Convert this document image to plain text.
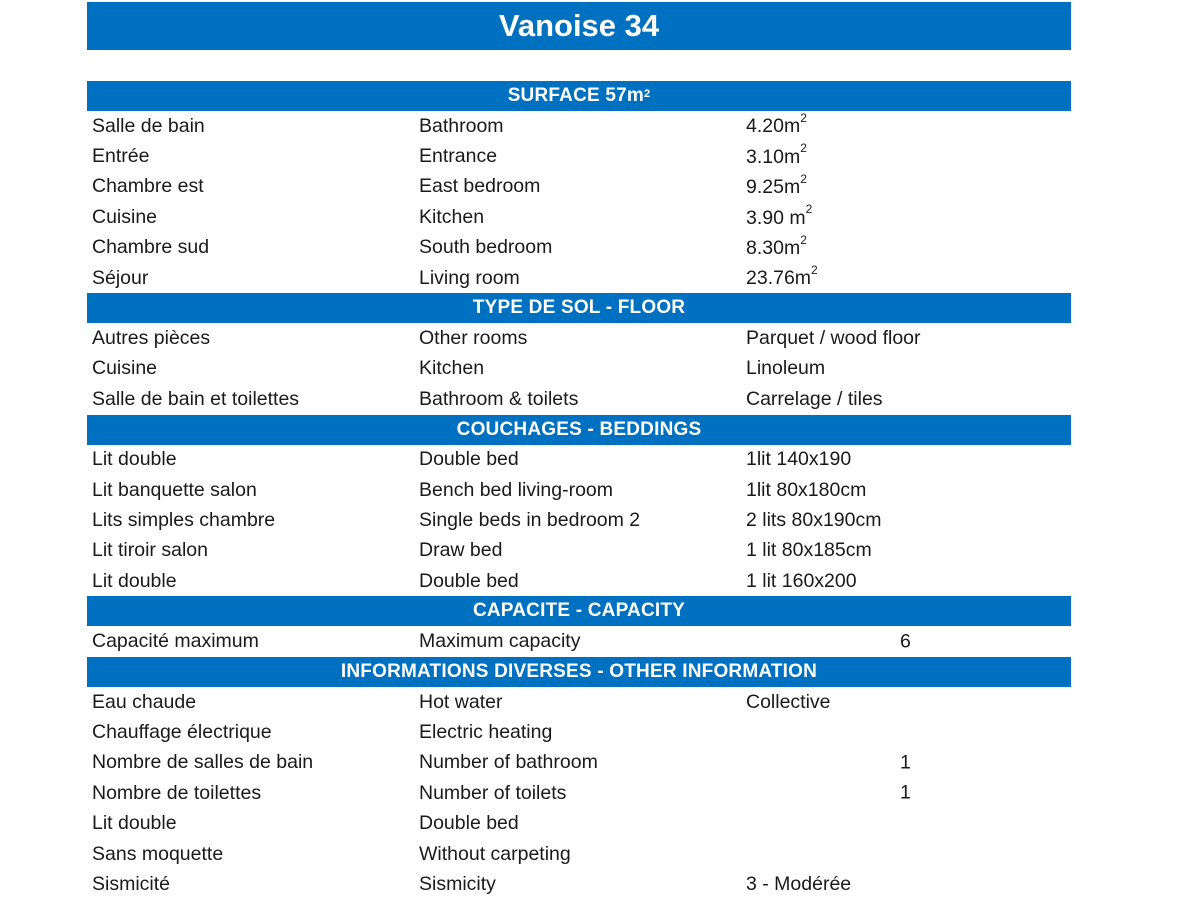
Vanoise 34
SURFACE $57m^2$
Salle de bain	Bathroom	$4.20m^2$
Entrée	Entrance	$3.10m^2$
Chambre est	East bedroom	$9.25m^2$
Cuisine	Kitchen	3.90 $m^2$
Chambre sud	South bedroom	$8.30m^2$
Séjour	Living room	$23.76m^2$
TYPE DE SOL - FLOOR
Autres pièces	Other rooms	Parquet / wood floor
Cuisine	Kitchen	Linoleum
Salle de bain et toilettes	Bathroom & toilets	Carrelage / tiles
COUCHAGES - BEDDINGS
Lit double	Double bed	1lit 140x190
Lit banquette salon	Bench bed living-room	1lit 80x180cm
Lits simples chambre	Single beds in bedroom 2	2 lits 80x190cm
Lit tiroir salon	Draw bed	1 lit 80x185cm
Lit double	Double bed	1 lit 160x200
CAPACITE - CAPACITY
Capacité maximum	Maximum capacity	6
INFORMATIONS DIVERSES - OTHER INFORMATION
Eau chaude	Hot water	Collective
Chauffage électrique	Electric heating
Nombre de salles de bain	Number of bathroom	1
Nombre de toilettes	Number of toilets	1
Lit double	Double bed
Sans moquette	Without carpeting
Sismicité	Sismicity	3 - Modérée
